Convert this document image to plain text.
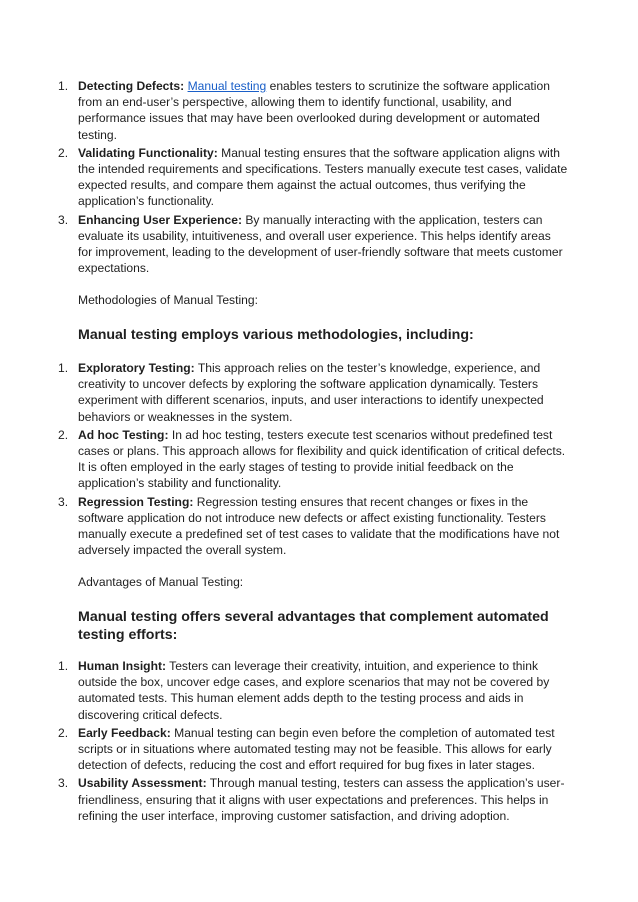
1. Detecting Defects: Manual testing enables testers to scrutinize the software application from an end-user’s perspective, allowing them to identify functional, usability, and performance issues that may have been overlooked during development or automated testing.
2. Validating Functionality: Manual testing ensures that the software application aligns with the intended requirements and specifications. Testers manually execute test cases, validate expected results, and compare them against the actual outcomes, thus verifying the application’s functionality.
3. Enhancing User Experience: By manually interacting with the application, testers can evaluate its usability, intuitiveness, and overall user experience. This helps identify areas for improvement, leading to the development of user-friendly software that meets customer expectations.
Methodologies of Manual Testing:
Manual testing employs various methodologies, including:
1. Exploratory Testing: This approach relies on the tester’s knowledge, experience, and creativity to uncover defects by exploring the software application dynamically. Testers experiment with different scenarios, inputs, and user interactions to identify unexpected behaviors or weaknesses in the system.
2. Ad hoc Testing: In ad hoc testing, testers execute test scenarios without predefined test cases or plans. This approach allows for flexibility and quick identification of critical defects. It is often employed in the early stages of testing to provide initial feedback on the application’s stability and functionality.
3. Regression Testing: Regression testing ensures that recent changes or fixes in the software application do not introduce new defects or affect existing functionality. Testers manually execute a predefined set of test cases to validate that the modifications have not adversely impacted the overall system.
Advantages of Manual Testing:
Manual testing offers several advantages that complement automated testing efforts:
1. Human Insight: Testers can leverage their creativity, intuition, and experience to think outside the box, uncover edge cases, and explore scenarios that may not be covered by automated tests. This human element adds depth to the testing process and aids in discovering critical defects.
2. Early Feedback: Manual testing can begin even before the completion of automated test scripts or in situations where automated testing may not be feasible. This allows for early detection of defects, reducing the cost and effort required for bug fixes in later stages.
3. Usability Assessment: Through manual testing, testers can assess the application’s user-friendliness, ensuring that it aligns with user expectations and preferences. This helps in refining the user interface, improving customer satisfaction, and driving adoption.
